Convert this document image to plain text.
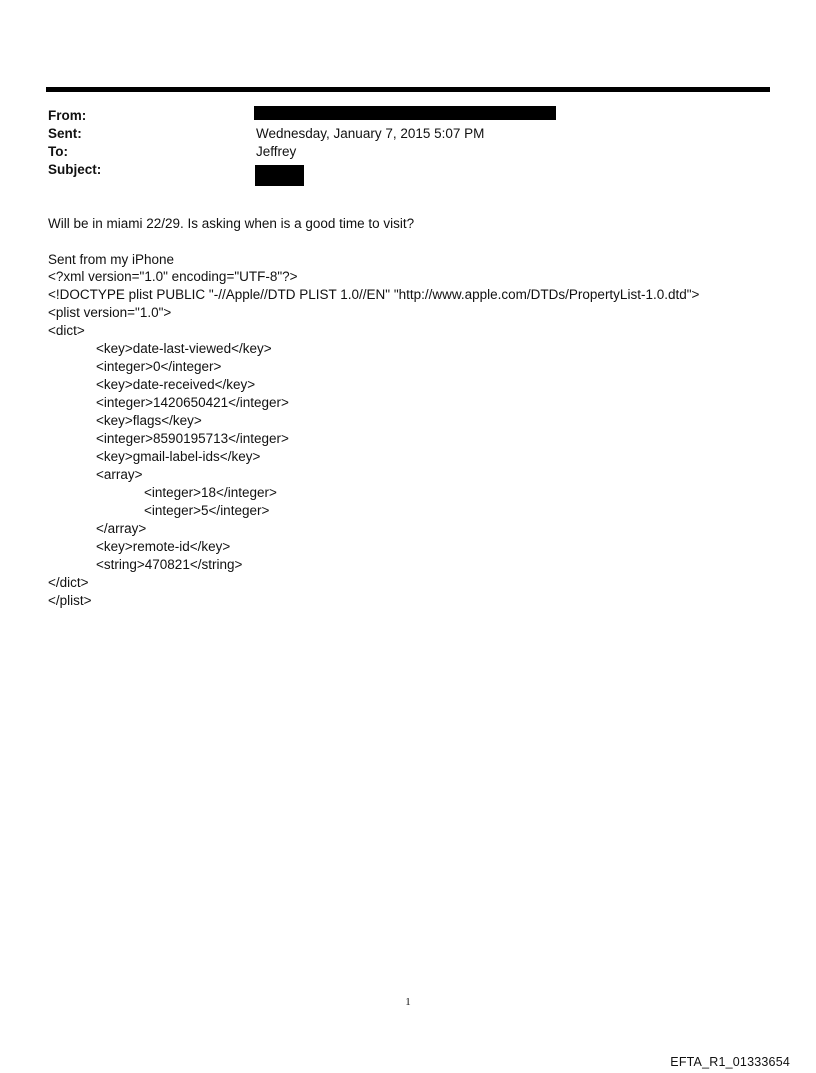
From:
Sent:	Wednesday, January 7, 2015 5:07 PM
To:	Jeffrey
Subject:
Will be in miami 22/29. Is asking when is a good time to visit?
Sent from my iPhone
<?xml version="1.0" encoding="UTF-8"?>
<!DOCTYPE plist PUBLIC "-//Apple//DTD PLIST 1.0//EN" "http://www.apple.com/DTDs/PropertyList-1.0.dtd">
<plist version="1.0">
<dict>
<key>date-last-viewed</key>
<integer>0</integer>
<key>date-received</key>
<integer>1420650421</integer>
<key>flags</key>
<integer>8590195713</integer>
<key>gmail-label-ids</key>
<array>
<integer>18</integer>
<integer>5</integer>
</array>
<key>remote-id</key>
<string>470821</string>
</dict>
</plist>
1
EFTA_R1_01333654
